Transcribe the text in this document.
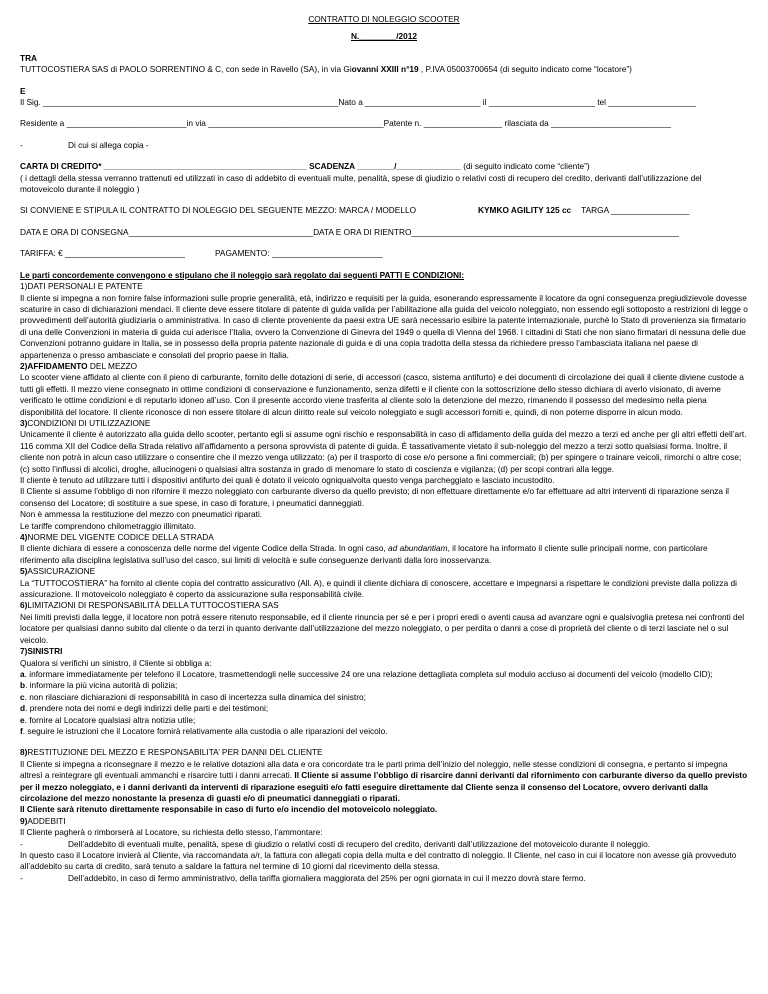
CONTRATTO DI NOLEGGIO SCOOTER
N.________/2012
TRA
TUTTOCOSTIERA SAS di PAOLO SORRENTINO & C, con sede in Ravello (SA), in via Giovanni XXIII n°19 , P.IVA 05003700654 (di seguito indicato come “locatore”)
E
Il Sig. ________________________________________________________________Nato a _________________________ il _______________________ tel ___________________
Residente a __________________________in via ______________________________________Patente n. _________________ rilasciata da __________________________
-	Di cui si allega copia -
CARTA DI CREDITO* ____________________________________________ SCADENZA ________/______________ (di seguito indicato come “cliente”)
( i dettagli della stessa verranno trattenuti ed utilizzati in caso di addebito di eventuali multe, penalità, spese di giudizio o relativi costi di recupero del credito, derivanti dall’utilizzazione del motoveicolo durante il noleggio )
SI CONVIENE E STIPULA IL CONTRATTO DI NOLEGGIO DEL SEGUENTE MEZZO: MARCA / MODELLO	KYMKO AGILITY 125 cc TARGA _________________
DATA E ORA DI CONSEGNA________________________________________DATA E ORA DI RIENTRO__________________________________________________________
TARIFFA: € __________________________	PAGAMENTO: ________________________
Le parti concordemente convengono e stipulano che il noleggio sarà regolato dai seguenti PATTI E CONDIZIONI:
1)DATI PERSONALI E PATENTE

Il cliente si impegna a non fornire false informazioni sulle proprie generalità, età, indirizzo e requisiti per la guida, esonerando espressamente il locatore da ogni conseguenza pregiudizievole dovesse scaturire in caso di dichiarazioni mendaci. Il cliente deve essere titolare di patente di guida valida per l’abilitazione alla guida del veicolo noleggiato, non essendo egli sottoposto a restrizioni di legge o provvedimenti dell’autorità giudiziaria o amministrativa. In caso di cliente proveniente da paesi extra UE sarà necessario esibire la patente internazionale, purchè lo Stato di provenienza sia firmatario di una delle Convenzioni in materia di guida cui aderisce l’Italia, ovvero la Convenzione di Ginevra del 1949 o quella di Vienna del 1968. I cittadini di Stati che non siano firmatari di nessuna delle due Convenzioni potranno guidare in Italia, se in possesso della propria patente nazionale di guida e di una copia tradotta della stessa da richiedere presso l’ambasciata italiana nel paese di appartenenza o presso ambasciate e consolati del proprio paese in Italia.

2)AFFIDAMENTO DEL MEZZO

Lo scooter viene affidato al cliente con il pieno di carburante, fornito delle dotazioni di serie, di accessori (casco, sistema antifurto) e dei documenti di circolazione dei quali il cliente diviene custode a tutti gli effetti. Il mezzo viene consegnato in ottime condizioni di conservazione e funzionamento, senza difetti e il cliente con la sottoscrizione dello stesso dichiara di averlo visionato, di averne verificato le ottime condizioni e di reputarlo idoneo all’uso. Con il presente accordo viene trasferita al cliente solo la detenzione del mezzo, rimanendo il possesso del medesimo nella piena disponibilità del locatore. Il cliente riconosce di non essere titolare di alcun diritto reale sul veicolo noleggiato e sugli accessori forniti e, quindi, di non poterne disporre in alcun modo.

3)CONDIZIONI DI UTILIZZAZIONE

Unicamente il cliente è autorizzato alla guida dello scooter, pertanto egli si assume ogni rischio e responsabilità in caso di affidamento della guida del mezzo a terzi ed anche per gli altri effetti dell’art. 116 comma XII del Codice della Strada relativo all’affidamento a persona sprovvista di patente di guida. È tassativamente vietato il sub-noleggio del mezzo a terzi sotto qualsiasi forma. Inoltre, il cliente non potrà in alcun caso utilizzare o consentire che il mezzo venga utilizzato: (a) per il trasporto di cose e/o persone a fini commerciali; (b) per spingere o trainare veicoli, rimorchi o altre cose; (c) sotto l’influssi di alcolici, droghe, allucinogeni o qualsiasi altra sostanza in grado di menomare lo stato di coscienza e vigilanza; (d) per scopi contrari alla legge.

Il cliente è tenuto ad utilizzare tutti i dispositivi antifurto dei quali è dotato il veicolo ogniqualvolta questo venga parcheggiato e lasciato incustodito.

Il Cliente si assume l’obbligo di non rifornire il mezzo noleggiato con carburante diverso da quello previsto; di non effettuare direttamente e/o far effettuare ad altri interventi di riparazione senza il consenso del Locatore; di sostituire a sue spese, in caso di forature, i pneumatici danneggiati.

Non è ammessa la restituzione del mezzo con pneumatici riparati.

Le tariffe comprendono chilometraggio illimitato.

4)NORME DEL VIGENTE CODICE DELLA STRADA

Il cliente dichiara di essere a conoscenza delle norme del vigente Codice della Strada. In ogni caso, ad abundantiam, il locatore ha informato il cliente sulle principali norme, con particolare riferimento alla disciplina legislativa sull’uso del casco, sui limiti di velocità e sulle conseguenze derivanti dalla loro inosservanza.

5)ASSICURAZIONE

La “TUTTOCOSTIERA” ha fornito al cliente copia del contratto assicurativo (All. A), e quindi il cliente dichiara di conoscere, accettare e impegnarsi a rispettare le condizioni previste dalla polizza di assicurazione. Il motoveicolo noleggiato è coperto da assicurazione sulla responsabilità civile.

6)LIMITAZIONI DI RESPONSABILITÀ DELLA TUTTOCOSTIERA SAS

Nei limiti previsti dalla legge, il locatore non potrà essere ritenuto responsabile, ed il cliente rinuncia per sé e per i propri eredi o aventi causa ad avanzare ogni e qualsivoglia pretesa nei confronti del locatore per qualsiasi danno subito dal cliente o da terzi in quanto derivante dall’utilizzazione del mezzo noleggiato, o per perdita o danni a cose di proprietà del cliente o di terzi lasciate nel o sul veicolo.

7)SINISTRI
Qualora si verifichi un sinistro, il Cliente si obbliga a:
a. informare immediatamente per telefono il Locatore, trasmettendogli nelle successive 24 ore una relazione dettagliata completa sul modulo accluso ai documenti del veicolo (modello CID);
b. informare la più vicina autorità di polizia;
c. non rilasciare dichiarazioni di responsabilità in caso di incertezza sulla dinamica del sinistro;
d. prendere nota dei nomi e degli indirizzi delle parti e dei testimoni;
e. fornire al Locatore qualsiasi altra notizia utile;
f. seguire le istruzioni che il Locatore fornirà relativamente alla custodia o alle riparazioni del veicolo.
8)RESTITUZIONE DEL MEZZO E RESPONSABILITA’ PER DANNI DEL CLIENTE

Il Cliente si impegna a riconsegnare il mezzo e le relative dotazioni alla data e ora concordate tra le parti prima dell’inizio del noleggio, nelle stesse condizioni di consegna, e pertanto si impegna altresì a reintegrare gli eventuali ammanchi e risarcire tutti i danni arrecati. Il Cliente si assume l’obbligo di risarcire danni derivanti dal rifornimento con carburante diverso da quello previsto per il mezzo noleggiato, e i danni derivanti da interventi di riparazione eseguiti e/o fatti eseguire direttamente dal Cliente senza il consenso del Locatore, ovvero derivanti dalla circolazione del mezzo nonostante la presenza di guasti e/o di pneumatici danneggiati o riparati.
Il Cliente sarà ritenuto direttamente responsabile in caso di furto e/o incendio del motoveicolo noleggiato.

9)ADDEBITI
Il Cliente pagherà o rimborserà al Locatore, su richiesta dello stesso, l’ammontare:
-	Dell’addebito di eventuali multe, penalità, spese di giudizio o relativi costi di recupero del credito, derivanti dall’utilizzazione del motoveicolo durante il noleggio.

In questo caso il Locatore invierà al Cliente, via raccomandata a/r, la fattura con allegati copia della multa e del contratto di noleggio. Il Cliente, nel caso in cui il locatore non avesse già provveduto all’addebito su carta di credito, sarà tenuto a saldare la fattura nel termine di 10 giorni dal ricevimento della stessa.

-	Dell’addebito, in caso di fermo amministrativo, della tariffa giornaliera maggiorata del 25% per ogni giornata in cui il mezzo dovrà stare fermo.
